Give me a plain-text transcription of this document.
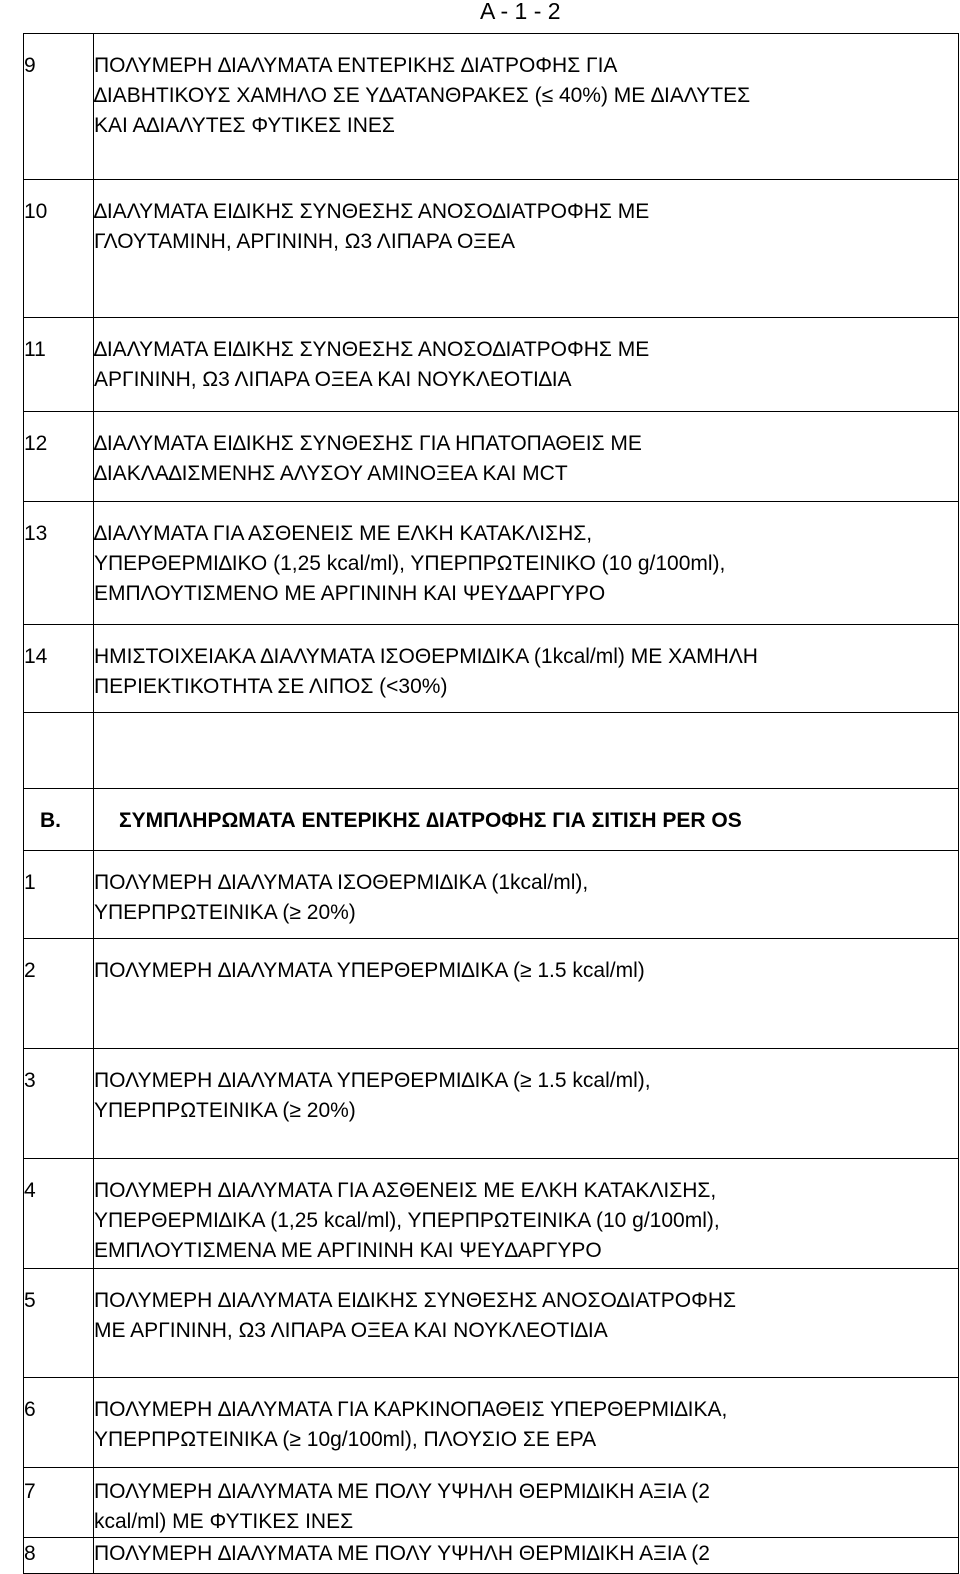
Α - 1 - 2
9	ΠΟΛΥΜΕΡΗ ∆ΙΑΛΥΜΑΤΑ ΕΝΤΕΡΙΚΗΣ ∆ΙΑΤΡΟΦΗΣ ΓΙΑ
∆ΙΑΒΗΤΙΚΟΥΣ ΧΑΜΗΛΟ ΣΕ Υ∆ΑΤΑΝΘΡΑΚΕΣ (≤ 40%) ΜΕ ∆ΙΑΛΥΤΕΣ
ΚΑΙ Α∆ΙΑΛΥΤΕΣ ΦΥΤΙΚΕΣ ΙΝΕΣ

10	∆ΙΑΛΥΜΑΤΑ ΕΙ∆ΙΚΗΣ ΣΥΝΘΕΣΗΣ ΑΝΟΣΟ∆ΙΑΤΡΟΦΗΣ ΜΕ
ΓΛΟΥΤΑΜΙΝΗ, ΑΡΓΙΝΙΝΗ, Ω3 ΛΙΠΑΡΑ ΟΞΕΑ

11	∆ΙΑΛΥΜΑΤΑ ΕΙ∆ΙΚΗΣ ΣΥΝΘΕΣΗΣ ΑΝΟΣΟ∆ΙΑΤΡΟΦΗΣ ΜΕ
ΑΡΓΙΝΙΝΗ, Ω3 ΛΙΠΑΡΑ ΟΞΕΑ ΚΑΙ ΝΟΥΚΛΕΟΤΙ∆ΙΑ

12	∆ΙΑΛΥΜΑΤΑ ΕΙ∆ΙΚΗΣ ΣΥΝΘΕΣΗΣ ΓΙΑ ΗΠΑΤΟΠΑΘΕΙΣ ΜΕ
∆ΙΑΚΛΑ∆ΙΣΜΕΝΗΣ ΑΛΥΣΟΥ ΑΜΙΝΟΞΕΑ ΚΑΙ MCT

13	∆ΙΑΛΥΜΑΤΑ ΓΙΑ ΑΣΘΕΝΕΙΣ ΜΕ ΕΛΚΗ ΚΑΤΑΚΛΙΣΗΣ,
ΥΠΕΡΘΕΡΜΙ∆ΙΚΟ (1,25 kcal/ml), ΥΠΕΡΠΡΩΤΕΙΝΙΚΟ (10 g/100ml),
ΕΜΠΛΟΥΤΙΣΜΕΝΟ ΜΕ ΑΡΓΙΝΙΝΗ ΚΑΙ ΨΕΥ∆ΑΡΓΥΡΟ

14	ΗΜΙΣΤΟΙΧΕΙΑΚΑ ∆ΙΑΛΥΜΑΤΑ ΙΣΟΘΕΡΜΙ∆ΙΚΑ (1kcal/ml) ΜΕ ΧΑΜΗΛΗ
ΠΕΡΙΕΚΤΙΚΟΤΗΤΑ ΣΕ ΛΙΠΟΣ (<30%)

Β.	ΣΥΜΠΛΗΡΩΜΑΤΑ ΕΝΤΕΡΙΚΗΣ ∆ΙΑΤΡΟΦΗΣ ΓΙΑ ΣΙΤΙΣΗ PER OS
1	ΠΟΛΥΜΕΡΗ ∆ΙΑΛΥΜΑΤΑ ΙΣΟΘΕΡΜΙ∆ΙΚΑ (1kcal/ml),
ΥΠΕΡΠΡΩΤΕΙΝΙΚΑ (≥ 20%)

2	ΠΟΛΥΜΕΡΗ ∆ΙΑΛΥΜΑΤΑ ΥΠΕΡΘΕΡΜΙ∆ΙΚΑ (≥ 1.5 kcal/ml)

3	ΠΟΛΥΜΕΡΗ ∆ΙΑΛΥΜΑΤΑ ΥΠΕΡΘΕΡΜΙ∆ΙΚΑ (≥ 1.5 kcal/ml),
ΥΠΕΡΠΡΩΤΕΙΝΙΚΑ (≥ 20%)

4	ΠΟΛΥΜΕΡΗ ∆ΙΑΛΥΜΑΤΑ ΓΙΑ ΑΣΘΕΝΕΙΣ ΜΕ ΕΛΚΗ ΚΑΤΑΚΛΙΣΗΣ,
ΥΠΕΡΘΕΡΜΙ∆ΙΚΑ (1,25 kcal/ml), ΥΠΕΡΠΡΩΤΕΙΝΙΚΑ (10 g/100ml),
ΕΜΠΛΟΥΤΙΣΜΕΝΑ ΜΕ ΑΡΓΙΝΙΝΗ ΚΑΙ ΨΕΥ∆ΑΡΓΥΡΟ

5	ΠΟΛΥΜΕΡΗ ∆ΙΑΛΥΜΑΤΑ ΕΙ∆ΙΚΗΣ ΣΥΝΘΕΣΗΣ ΑΝΟΣΟ∆ΙΑΤΡΟΦΗΣ
ΜΕ ΑΡΓΙΝΙΝΗ, Ω3 ΛΙΠΑΡΑ ΟΞΕΑ ΚΑΙ ΝΟΥΚΛΕΟΤΙ∆ΙΑ

6	ΠΟΛΥΜΕΡΗ ∆ΙΑΛΥΜΑΤΑ ΓΙΑ ΚΑΡΚΙΝΟΠΑΘΕΙΣ ΥΠΕΡΘΕΡΜΙ∆ΙΚΑ,
ΥΠΕΡΠΡΩΤΕΙΝΙΚΑ (≥ 10g/100ml), ΠΛΟΥΣΙΟ ΣΕ ΕΡΑ

7	ΠΟΛΥΜΕΡΗ ∆ΙΑΛΥΜΑΤΑ ΜΕ ΠΟΛΥ ΥΨΗΛΗ ΘΕΡΜΙ∆ΙΚΗ ΑΞΙΑ (2
kcal/ml) ΜΕ ΦΥΤΙΚΕΣ ΙΝΕΣ

8	ΠΟΛΥΜΕΡΗ ∆ΙΑΛΥΜΑΤΑ ΜΕ ΠΟΛΥ ΥΨΗΛΗ ΘΕΡΜΙ∆ΙΚΗ ΑΞΙΑ (2
